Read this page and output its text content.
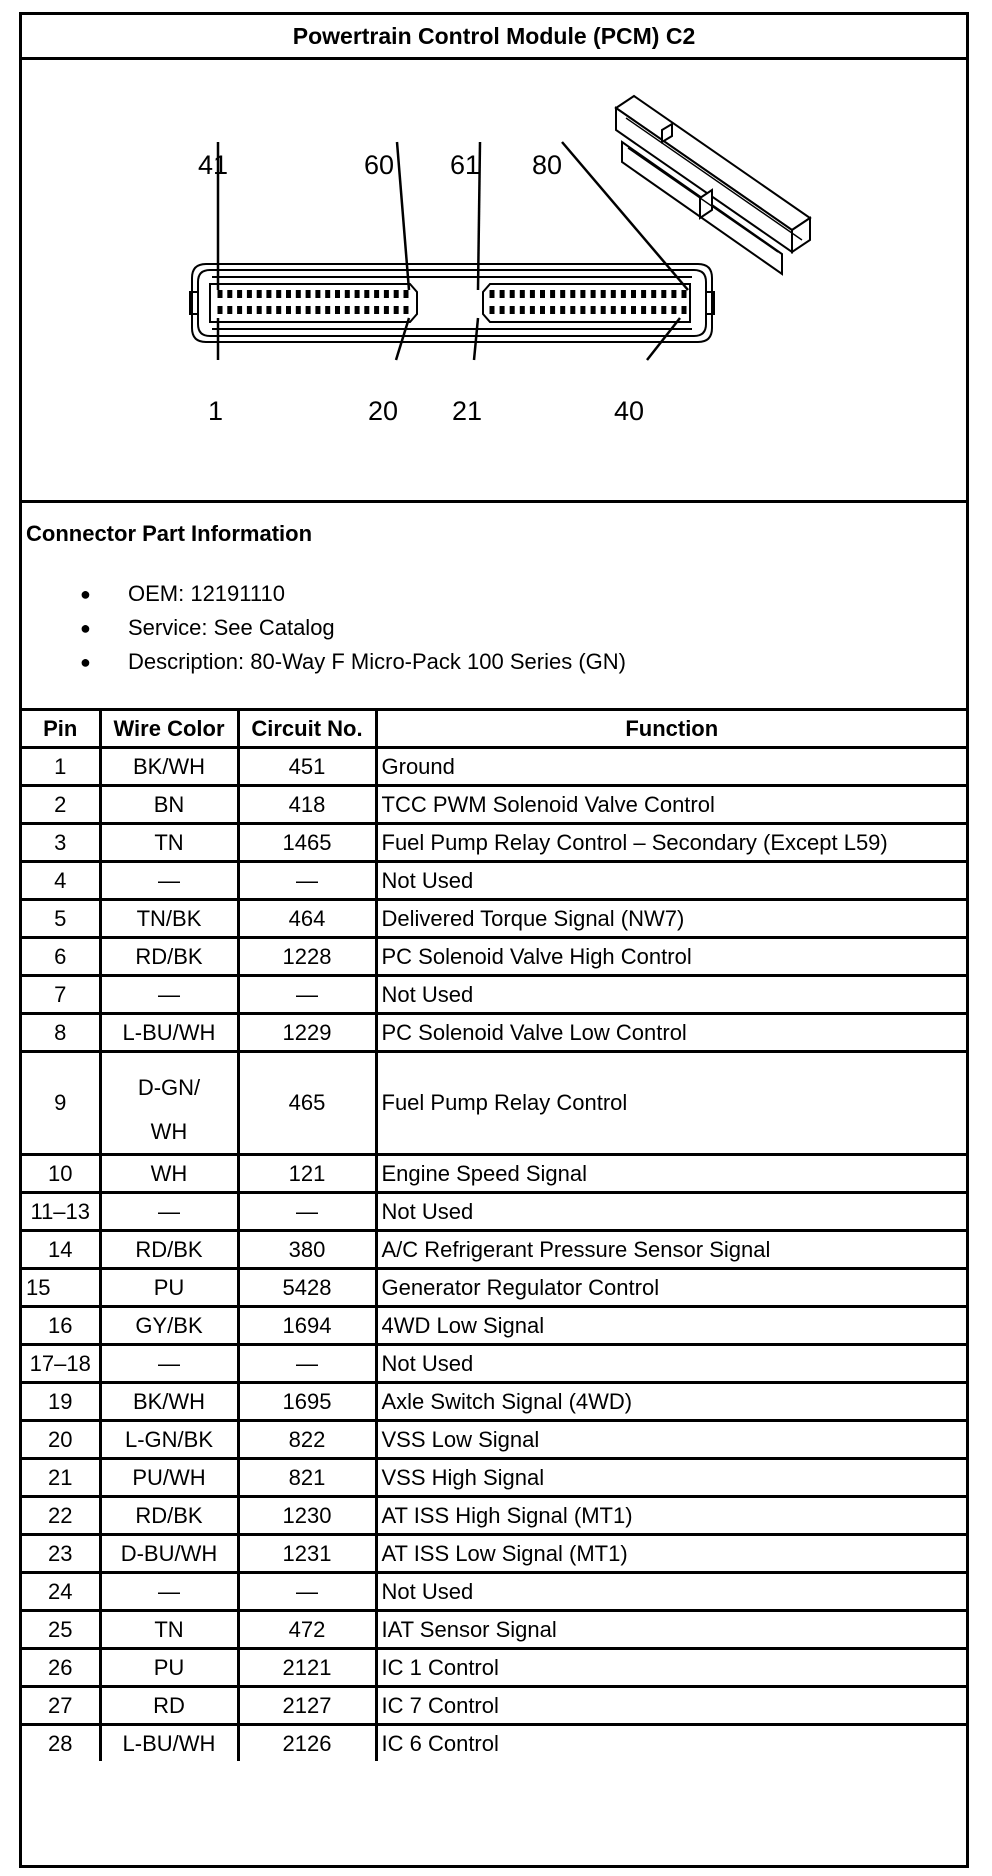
Powertrain Control Module (PCM) C2
41	60 61 80
1	20 21	40
Connector Part Information
● OEM: 12191110
● Service: See Catalog
● Description: 80-Way F Micro-Pack 100 Series (GN)
Pin	Wire Color	Circuit No.	Function
1	BK/WH	451	Ground
2	BN	418	TCC PWM Solenoid Valve Control
3	TN	1465	Fuel Pump Relay Control – Secondary (Except L59)
4	—	—	Not Used
5	TN/BK	464	Delivered Torque Signal (NW7)
6	RD/BK	1228	PC Solenoid Valve High Control
7	—	—	Not Used
8	L-BU/WH	1229	PC Solenoid Valve Low Control
9	D-GN/
WH	465	Fuel Pump Relay Control
10	WH	121	Engine Speed Signal
11–13	—	—	Not Used
14	RD/BK	380	A/C Refrigerant Pressure Sensor Signal
15	PU	5428	Generator Regulator Control
16	GY/BK	1694	4WD Low Signal
17–18	—	—	Not Used
19	BK/WH	1695	Axle Switch Signal (4WD)
20	L-GN/BK	822	VSS Low Signal
21	PU/WH	821	VSS High Signal
22	RD/BK	1230	AT ISS High Signal (MT1)
23	D-BU/WH	1231	AT ISS Low Signal (MT1)
24	—	—	Not Used
25	TN	472	IAT Sensor Signal
26	PU	2121	IC 1 Control
27	RD	2127	IC 7 Control
28	L-BU/WH	2126	IC 6 Control
